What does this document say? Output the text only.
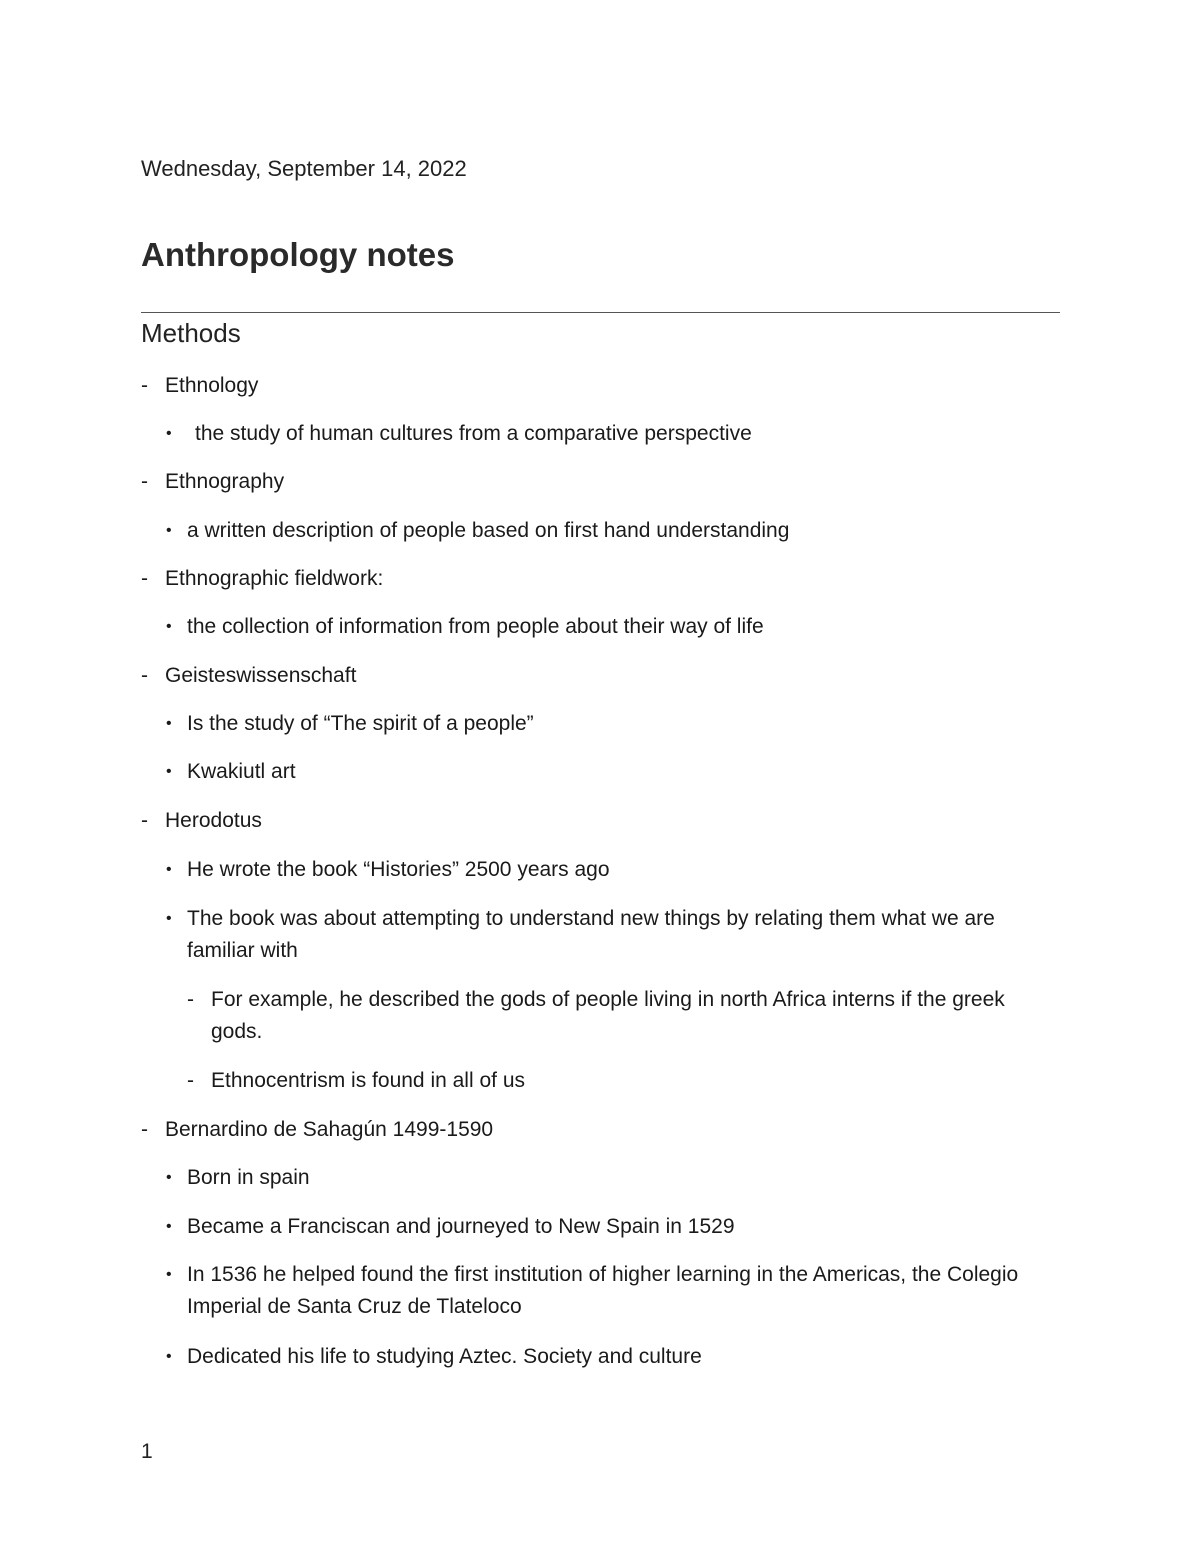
Wednesday, September 14, 2022
Anthropology notes
Methods
- Ethnology
• the study of human cultures from a comparative perspective
- Ethnography
• a written description of people based on first hand understanding
- Ethnographic fieldwork:
• the collection of information from people about their way of life
- Geisteswissenschaft
• Is the study of “The spirit of a people”
• Kwakiutl art
- Herodotus
• He wrote the book “Histories” 2500 years ago
• The book was about attempting to understand new things by relating them what we are familiar with
- For example, he described the gods of people living in north Africa interns if the greek gods.
- Ethnocentrism is found in all of us
- Bernardino de Sahagún 1499-1590
• Born in spain
• Became a Franciscan and journeyed to New Spain in 1529
• In 1536 he helped found the first institution of higher learning in the Americas, the Colegio Imperial de Santa Cruz de Tlateloco
• Dedicated his life to studying Aztec. Society and culture
1
